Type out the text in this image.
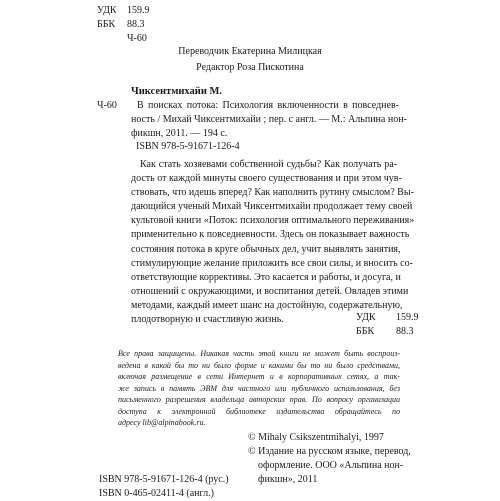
УДК	159.9
ББК	88.3
Ч-60
Переводчик Екатерина Милицкая
Редактор Роза Пискотина
Чиксентмихайи М.
Ч-60 В поисках потока: Психология включенности в повседнев-
ность / Михай Чиксентмихайи ; пер. с англ. — М.: Альпина нон-
фикшн, 2011. — 194 с.
ISBN 978-5-91671-126-4
Как стать хозяевами собственной судьбы? Как получать ра-
дость от каждой минуты своего существования и при этом чув-
ствовать, что идешь вперед? Как наполнить рутину смыслом? Вы-
дающийся ученый Михай Чиксентмихайи продолжает тему своей
культовой книги «Поток: психология оптимального переживания»
применительно к повседневности. Здесь он показывает важность
состояния потока в круге обычных дел, учит выявлять занятия,
стимулирующие желание приложить все свои силы, и вносить со-
ответствующие коррективы. Это касается и работы, и досуга, и
отношений с окружающими, и воспитания детей. Овладев этими
методами, каждый имеет шанс на достойную, содержательную,
плодотворную и счастливую жизнь.	УДК	159.9
ББК	88.3
Все права защищены. Никакая часть этой книги не может быть воспроиз-
ведена в какой бы то ни было форме и какими бы то ни было средствами,
включая размещение в сети Интернет и в корпоративных сетях, а так-
же запись в память ЭВМ для частного или публичного использования, без
письменного разрешения владельца авторских прав. По вопросу организации
доступа к электронной библиотеке издательства обращайтесь по
адресу lib@alpinabook.ru.
© Mihaly Csikszentmihalyi, 1997
© Издание на русском языке, перевод,
оформление. ООО «Альпина нон-
фикшн», 2011
ISBN 978-5-91671-126-4 (рус.)
ISBN 0-465-02411-4 (англ.)
